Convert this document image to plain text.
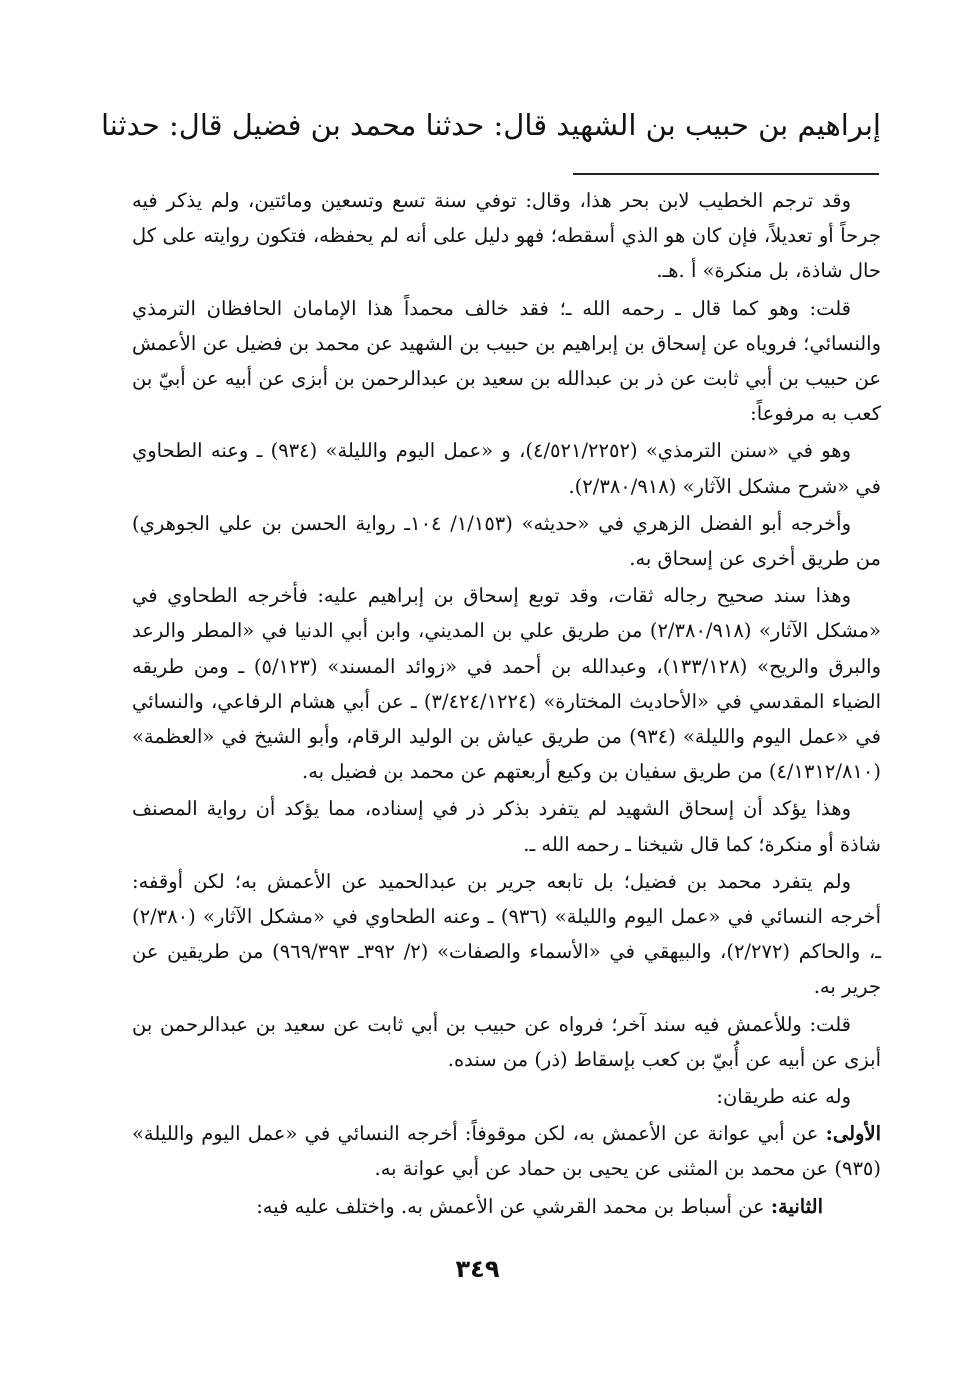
إبراهيم بن حبيب بن الشهيد قال: حدثنا محمد بن فضيل قال: حدثنا

وقد ترجم الخطيب لابن بحر هذا، وقال: توفي سنة تسع وتسعين ومائتين، ولم يذكر فيه جرحاً أو تعديلاً، فإن كان هو الذي أسقطه؛ فهو دليل على أنه لم يحفظه، فتكون روايته على كل حال شاذة، بل منكرة» أ .هـ.

قلت: وهو كما قال ـ رحمه الله ـ؛ فقد خالف محمداً هذا الإمامان الحافظان الترمذي والنسائي؛ فروياه عن إسحاق بن إبراهيم بن حبيب بن الشهيد عن محمد بن فضيل عن الأعمش عن حبيب بن أبي ثابت عن ذر بن عبدالله بن سعيد بن عبدالرحمن بن أبزى عن أبيه عن أبيّ بن كعب به مرفوعاً:

وهو في «سنن الترمذي» (٤/٥٢١/٢٢٥٢)، و «عمل اليوم والليلة» (٩٣٤) ـ وعنه الطحاوي في «شرح مشكل الآثار» (٢/٣٨٠/٩١٨).

وأخرجه أبو الفضل الزهري في «حديثه» (١/١٥٣/ ١٠٤ـ رواية الحسن بن علي الجوهري) من طريق أخرى عن إسحاق به.

وهذا سند صحيح رجاله ثقات، وقد توبع إسحاق بن إبراهيم عليه: فأخرجه الطحاوي في «مشكل الآثار» (٢/٣٨٠/٩١٨) من طريق علي بن المديني، وابن أبي الدنيا في «المطر والرعد والبرق والريح» (١٣٣/١٢٨)، وعبدالله بن أحمد في «زوائد المسند» (٥/١٢٣) ـ ومن طريقه الضياء المقدسي في «الأحاديث المختارة» (٣/٤٢٤/١٢٢٤) ـ عن أبي هشام الرفاعي، والنسائي في «عمل اليوم والليلة» (٩٣٤) من طريق عياش بن الوليد الرقام، وأبو الشيخ في «العظمة» (٤/١٣١٢/٨١٠) من طريق سفيان بن وكيع أربعتهم عن محمد بن فضيل به.

وهذا يؤكد أن إسحاق الشهيد لم يتفرد بذكر ذر في إسناده، مما يؤكد أن رواية المصنف شاذة أو منكرة؛ كما قال شيخنا ـ رحمه الله ـ.

ولم يتفرد محمد بن فضيل؛ بل تابعه جرير بن عبدالحميد عن الأعمش به؛ لكن أوقفه: أخرجه النسائي في «عمل اليوم والليلة» (٩٣٦) ـ وعنه الطحاوي في «مشكل الآثار» (٢/٣٨٠) ـ، والحاكم (٢/٢٧٢)، والبيهقي في «الأسماء والصفات» (٢/ ٣٩٢ـ ٩٦٩/٣٩٣) من طريقين عن جرير به.

قلت: وللأعمش فيه سند آخر؛ فرواه عن حبيب بن أبي ثابت عن سعيد بن عبدالرحمن بن أبزى عن أبيه عن أُبيّ بن كعب بإسقاط (ذر) من سنده.

وله عنه طريقان:

الأولى: عن أبي عوانة عن الأعمش به، لكن موقوفاً: أخرجه النسائي في «عمل اليوم والليلة» (٩٣٥) عن محمد بن المثنى عن يحيى بن حماد عن أبي عوانة به.

الثانية: عن أسباط بن محمد القرشي عن الأعمش به. واختلف عليه فيه:

٣٤٩
